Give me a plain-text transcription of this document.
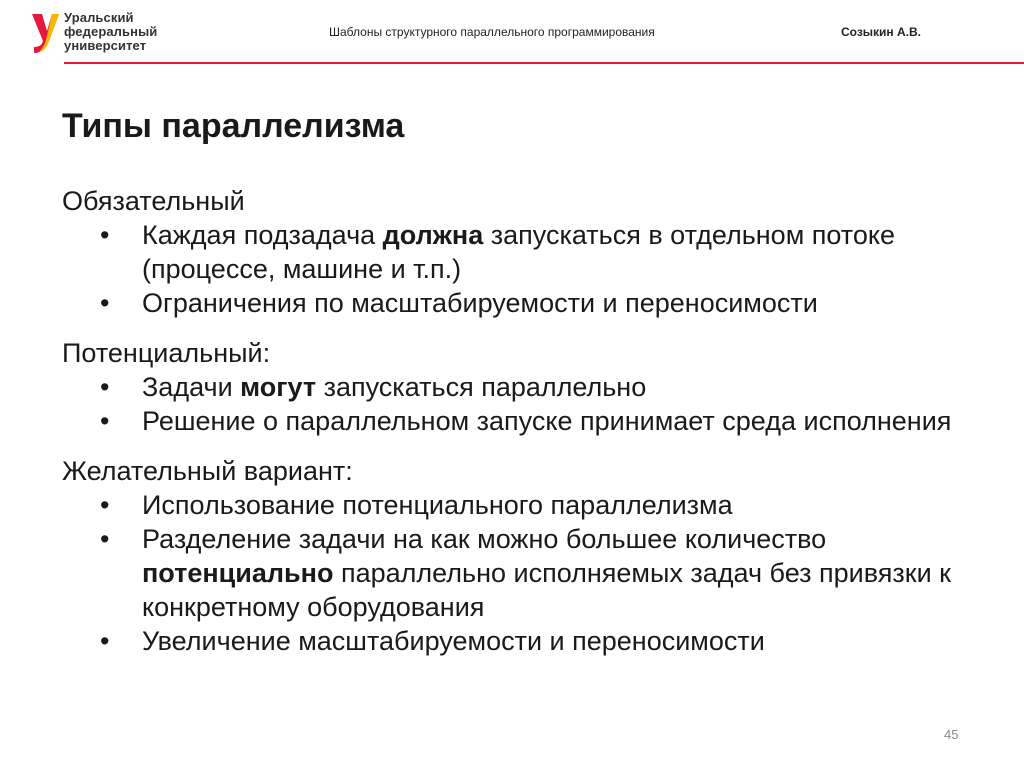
Уральский
федеральный
университет
Шаблоны структурного параллельного программирования	Созыкин А.В.
Типы параллелизма
Обязательный
• Каждая подзадача должна запускаться в отдельном потоке (процессе, машине и т.п.)
• Ограничения по масштабируемости и переносимости
Потенциальный:
• Задачи могут запускаться параллельно
• Решение о параллельном запуске принимает среда исполнения
Желательный вариант:
• Использование потенциального параллелизма
• Разделение задачи на как можно большее количество потенциально параллельно исполняемых задач без привязки к конкретному оборудования
• Увеличение масштабируемости и переносимости
45
